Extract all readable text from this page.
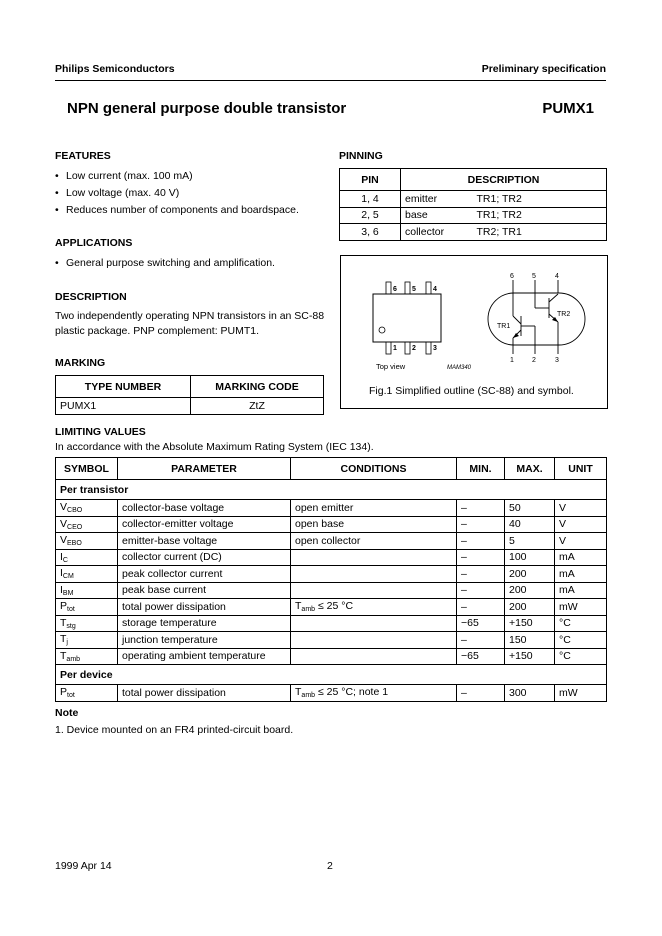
Philips Semiconductors	Preliminary specification
NPN general purpose double transistor	PUMX1
FEATURES
• Low current (max. 100 mA)
• Low voltage (max. 40 V)
• Reduces number of components and boardspace.
APPLICATIONS
• General purpose switching and amplification.
DESCRIPTION
Two independently operating NPN transistors in an SC-88 plastic package. PNP complement: PUMT1.
MARKING
TYPE NUMBER	MARKING CODE
PUMX1	ZtZ
PINNING
PIN	DESCRIPTION	
1, 4	emitter	TR1; TR2
2, 5	base	TR1; TR2
3, 6	collector	TR2; TR1
6 5 4
1 2 3
Top view	MAM340
6	5	4
1	2	3
TR1
TR2
Fig.1 Simplified outline (SC-88) and symbol.
LIMITING VALUES
In accordance with the Absolute Maximum Rating System (IEC 134).
SYMBOL	PARAMETER	CONDITIONS	MIN.	MAX.	UNIT
Per transistor					
$V_{CBO}$	collector-base voltage	open emitter	–	50	V
$V_{CEO}$	collector-emitter voltage	open base	–	40	V
$V_{EBO}$	emitter-base voltage	open collector	–	5	V
$I_C$	collector current (DC)		–	100	mA
$I_{CM}$	peak collector current		–	200	mA
$I_{BM}$	peak base current		–	200	mA
$P_{tot}$	total power dissipation	$T_{amb} \le 25$ °C	–	200	mW
$T_{stg}$	storage temperature		−65	+150	°C
$T_j$	junction temperature		–	150	°C
$T_{amb}$	operating ambient temperature		−65	+150	°C
Per device					
$P_{tot}$	total power dissipation	$T_{amb} \le 25$ °C; note 1	–	300	mW
Note
1. Device mounted on an FR4 printed-circuit board.
1999 Apr 14	2
